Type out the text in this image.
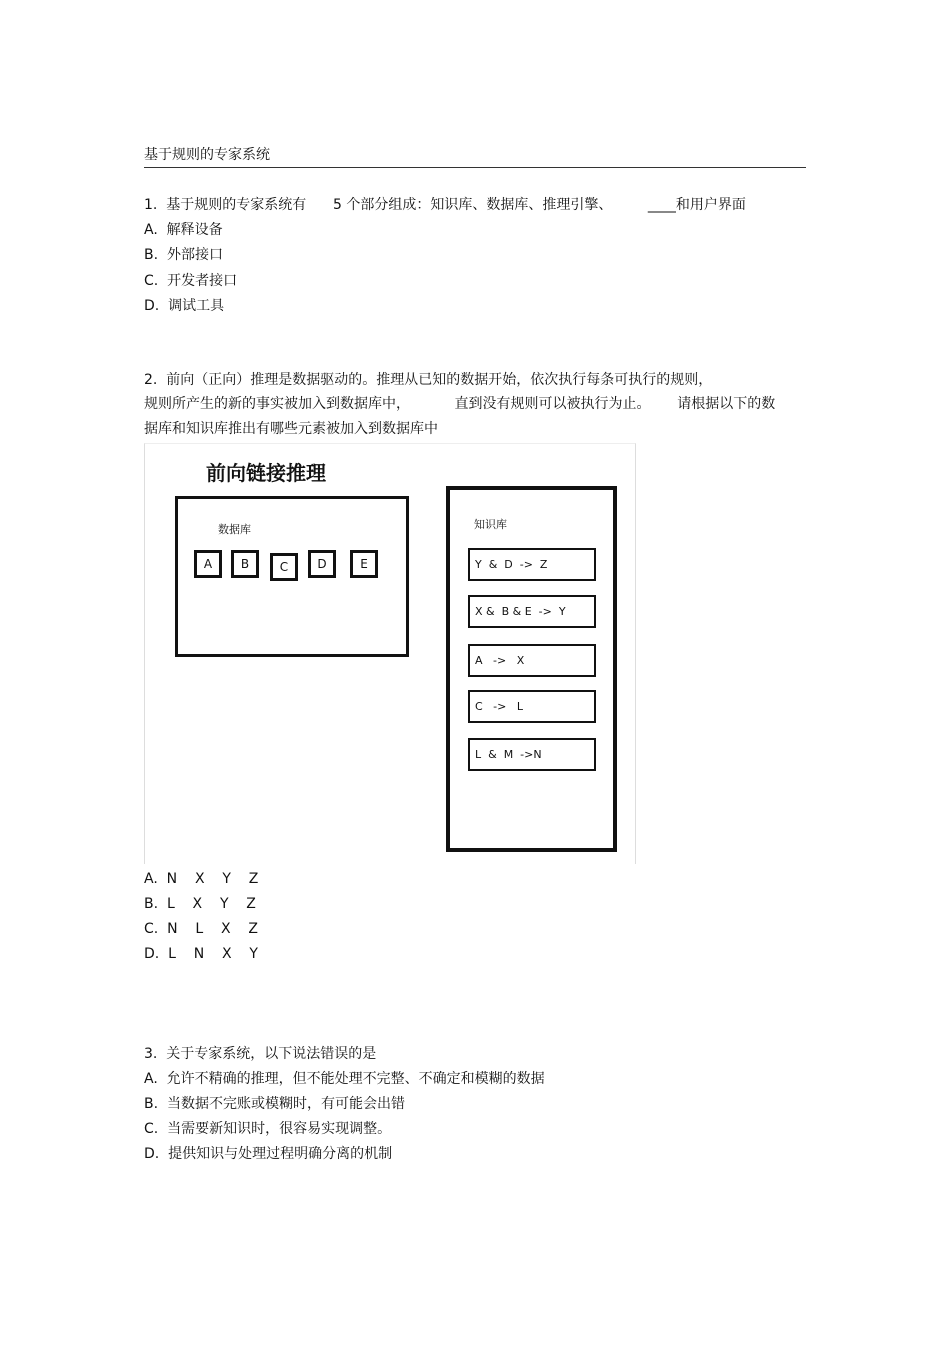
基于规则的专家系统
1.  基于规则的专家系统有      5 个部分组成：知识库、数据库、推理引擎、        ____和用户界面
A.  解释设备
B.  外部接口
C.  开发者接口
D.  调试工具
2.  前向（正向）推理是数据驱动的。推理从已知的数据开始，依次执行每条可执行的规则，
规则所产生的新的事实被加入到数据库中，          直到没有规则可以被执行为止。      请根据以下的数
据库和知识库推出有哪些元素被加入到数据库中
前向链接推理
数据库
A	B	C	D	E
知识库
Y  &  D  ->  Z
X &  B & E  ->  Y
A   ->   X
C   ->   L
L  &  M  ->N
A.  N    X    Y    Z
B.  L    X    Y    Z
C.  N    L    X    Z
D.  L    N    X    Y
3.  关于专家系统，以下说法错误的是
A.  允许不精确的推理，但不能处理不完整、不确定和模糊的数据
B.  当数据不完账或模糊时，有可能会出错
C.  当需要新知识时，很容易实现调整。
D.  提供知识与处理过程明确分离的机制
